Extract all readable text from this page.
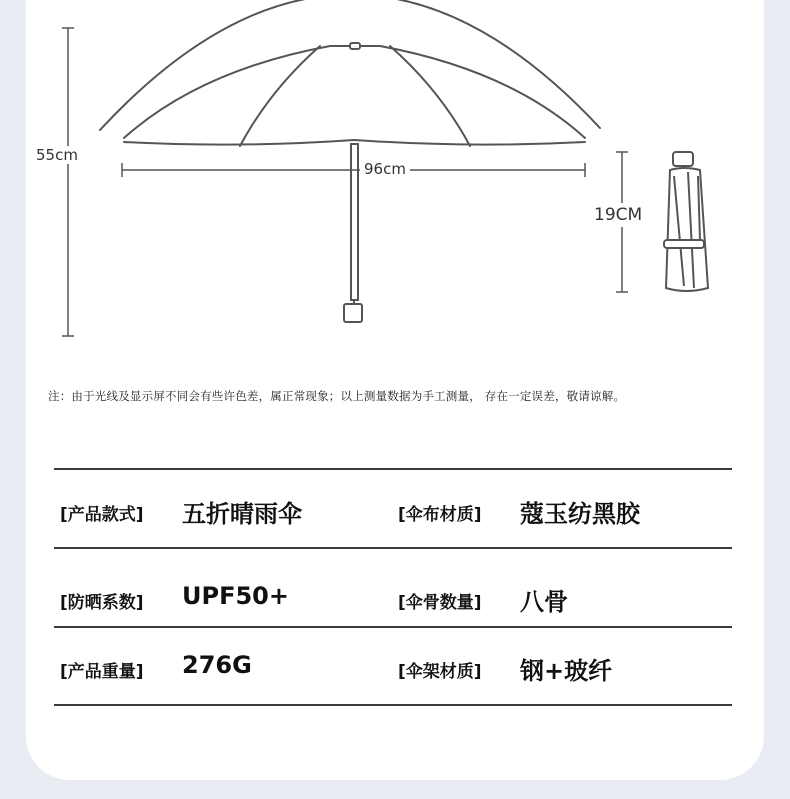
55cm
96cm
19CM
注：由于光线及显示屏不同会有些许色差，属正常现象；以上测量数据为手工测量， 存在一定误差，敬请谅解。
[产品款式] 五折晴雨伞	[伞布材质] 蔻玉纺黑胶
[防晒系数] UPF50+	[伞骨数量] 八骨
[产品重量] 276G	[伞架材质] 钢+玻纤
